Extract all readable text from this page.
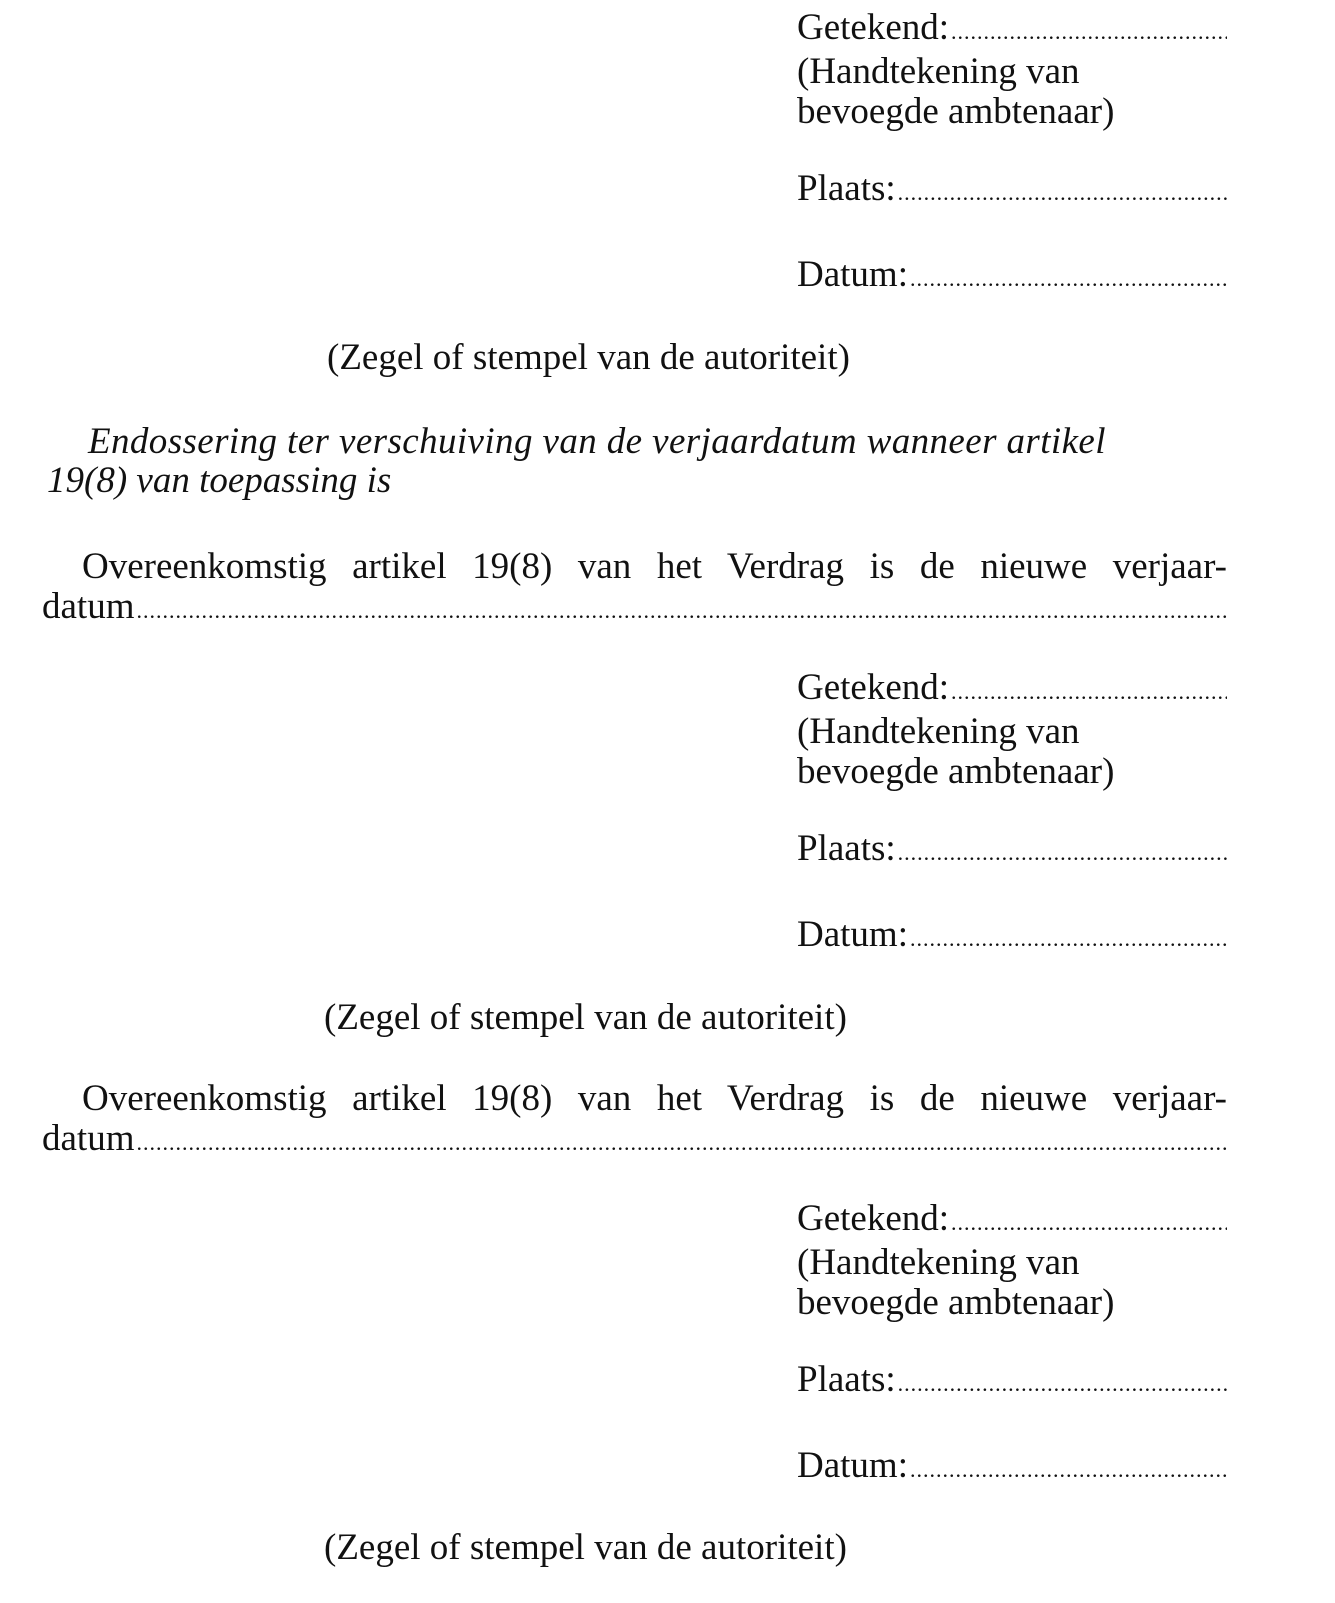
Getekend:
.....
(Handtekening van
bevoegde ambtenaar)
Plaats:
.....
Datum:
.....
(Zegel of stempel van de autoriteit)
Endossering ter verschuiving van de verjaardatum wanneer artikel
19(8) van toepassing is
Overeenkomstig artikel 19(8) van het Verdrag is de nieuwe verjaar-
datum
.....
Getekend:
.....
(Handtekening van
bevoegde ambtenaar)
Plaats:
.....
Datum:
.....
(Zegel of stempel van de autoriteit)
Overeenkomstig artikel 19(8) van het Verdrag is de nieuwe verjaar-
datum
.....
Getekend:
.....
(Handtekening van
bevoegde ambtenaar)
Plaats:
.....
Datum:
.....
(Zegel of stempel van de autoriteit)
